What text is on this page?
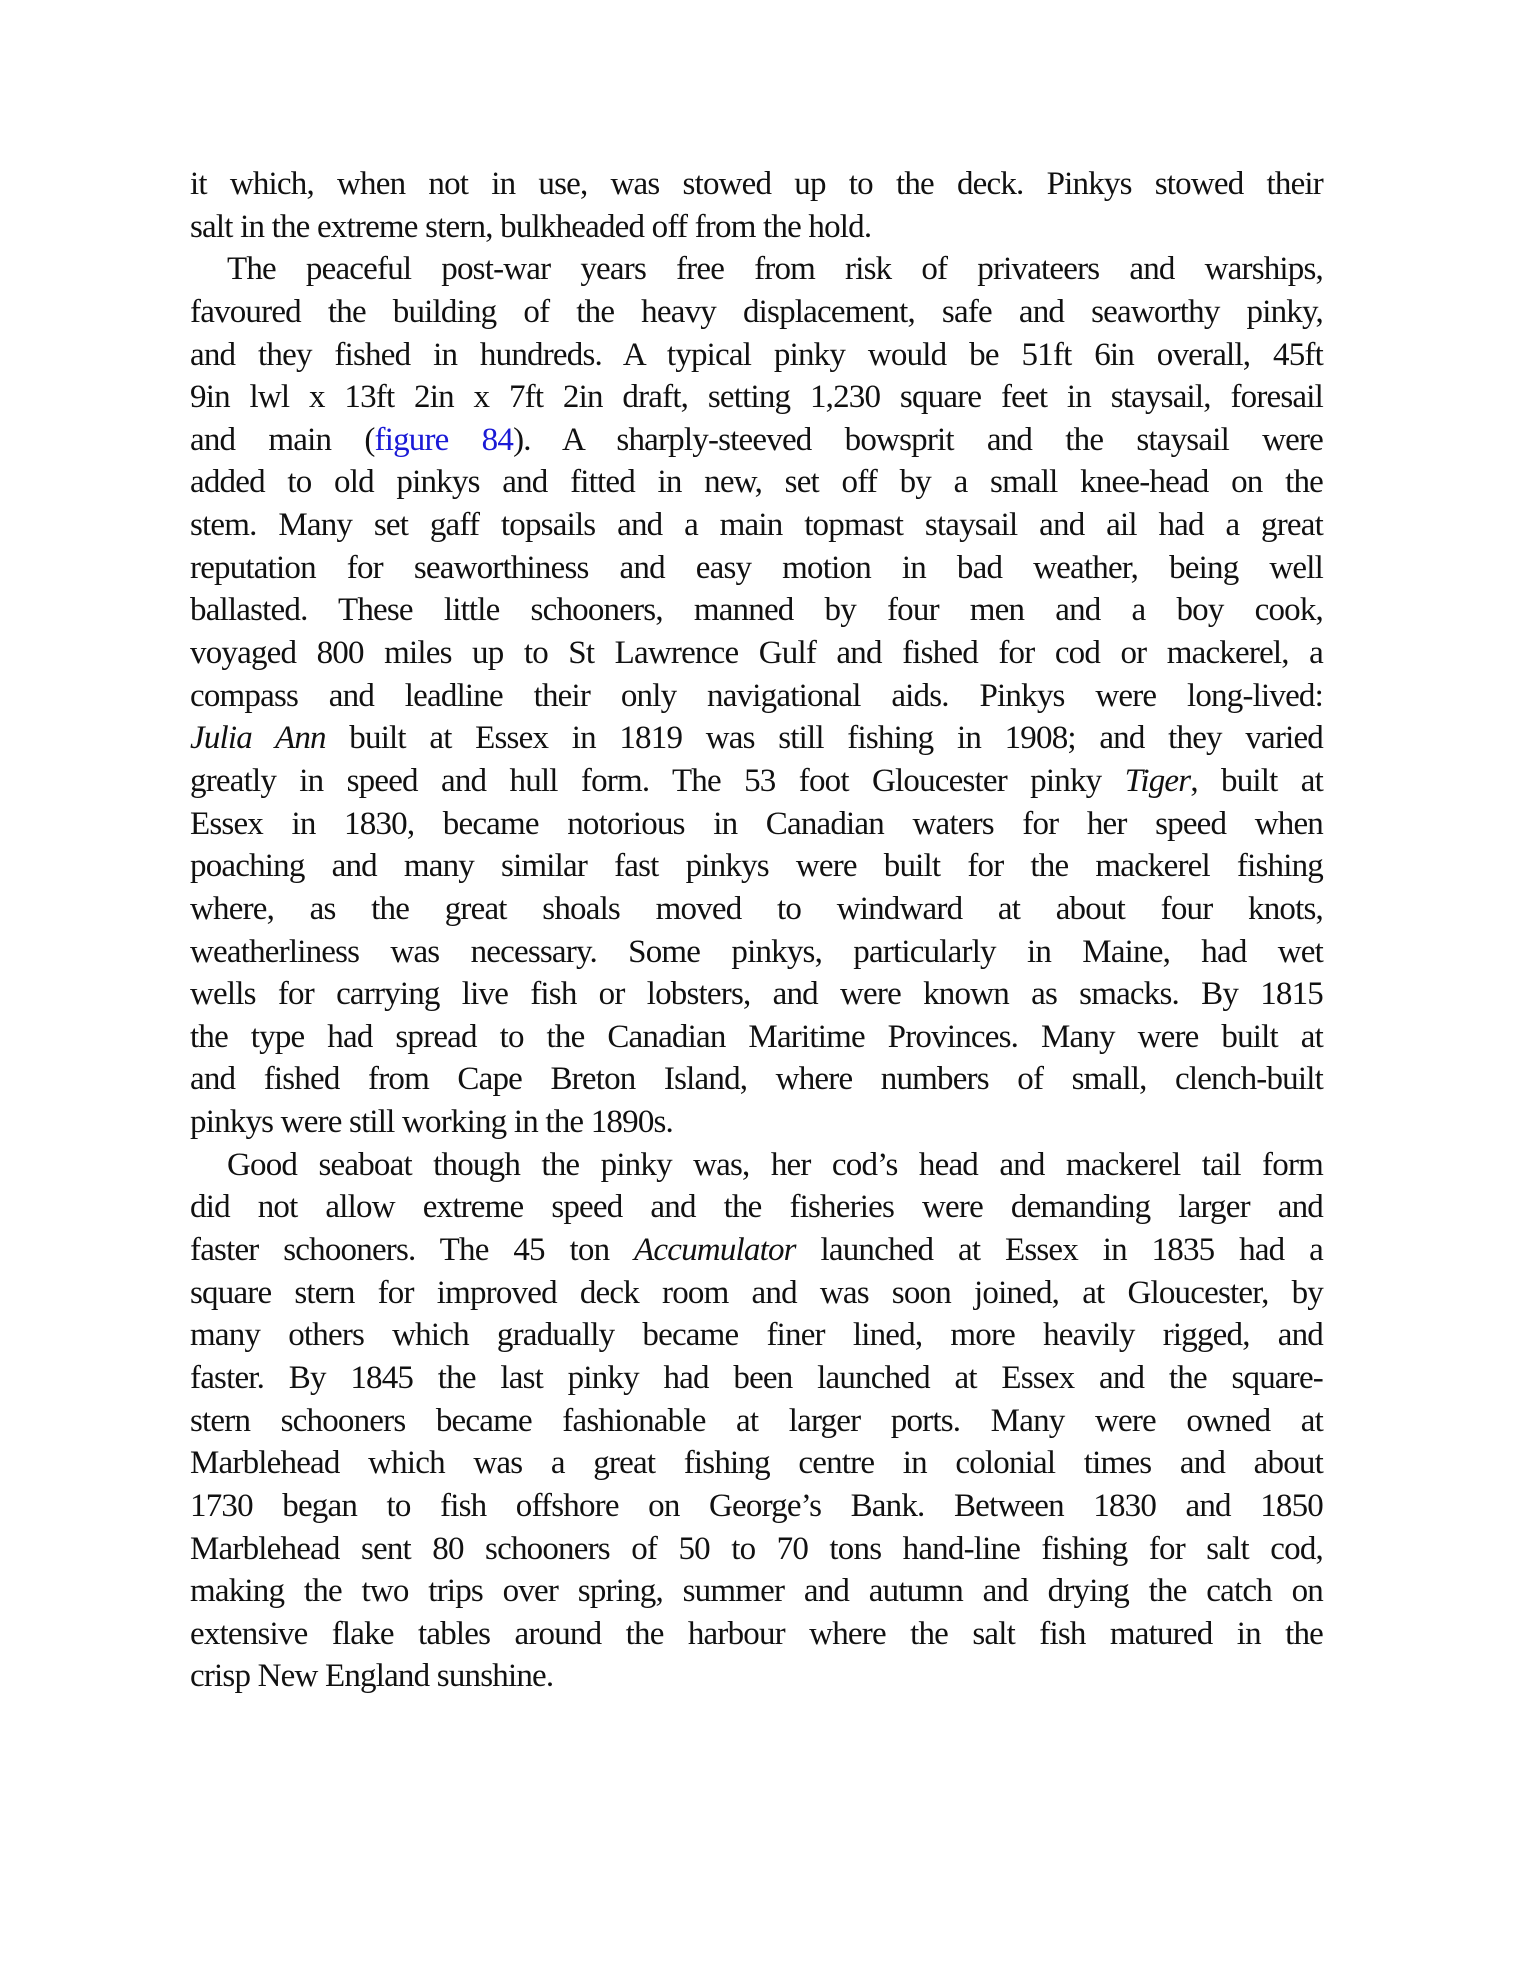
it which, when not in use, was stowed up to the deck. Pinkys stowed their
salt in the extreme stern, bulkheaded off from the hold.
The peaceful post-war years free from risk of privateers and warships,
favoured the building of the heavy displacement, safe and seaworthy pinky,
and they fished in hundreds. A typical pinky would be 51ft 6in overall, 45ft
9in lwl x 13ft 2in x 7ft 2in draft, setting 1,230 square feet in staysail, foresail
and main (figure 84). A sharply-steeved bowsprit and the staysail were
added to old pinkys and fitted in new, set off by a small knee-head on the
stem. Many set gaff topsails and a main topmast staysail and ail had a great
reputation for seaworthiness and easy motion in bad weather, being well
ballasted. These little schooners, manned by four men and a boy cook,
voyaged 800 miles up to St Lawrence Gulf and fished for cod or mackerel, a
compass and leadline their only navigational aids. Pinkys were long-lived:
Julia Ann built at Essex in 1819 was still fishing in 1908; and they varied
greatly in speed and hull form. The 53 foot Gloucester pinky Tiger, built at
Essex in 1830, became notorious in Canadian waters for her speed when
poaching and many similar fast pinkys were built for the mackerel fishing
where, as the great shoals moved to windward at about four knots,
weatherliness was necessary. Some pinkys, particularly in Maine, had wet
wells for carrying live fish or lobsters, and were known as smacks. By 1815
the type had spread to the Canadian Maritime Provinces. Many were built at
and fished from Cape Breton Island, where numbers of small, clench-built
pinkys were still working in the 1890s.
Good seaboat though the pinky was, her cod’s head and mackerel tail form
did not allow extreme speed and the fisheries were demanding larger and
faster schooners. The 45 ton Accumulator launched at Essex in 1835 had a
square stern for improved deck room and was soon joined, at Gloucester, by
many others which gradually became finer lined, more heavily rigged, and
faster. By 1845 the last pinky had been launched at Essex and the square-
stern schooners became fashionable at larger ports. Many were owned at
Marblehead which was a great fishing centre in colonial times and about
1730 began to fish offshore on George’s Bank. Between 1830 and 1850
Marblehead sent 80 schooners of 50 to 70 tons hand-line fishing for salt cod,
making the two trips over spring, summer and autumn and drying the catch on
extensive flake tables around the harbour where the salt fish matured in the
crisp New England sunshine.
